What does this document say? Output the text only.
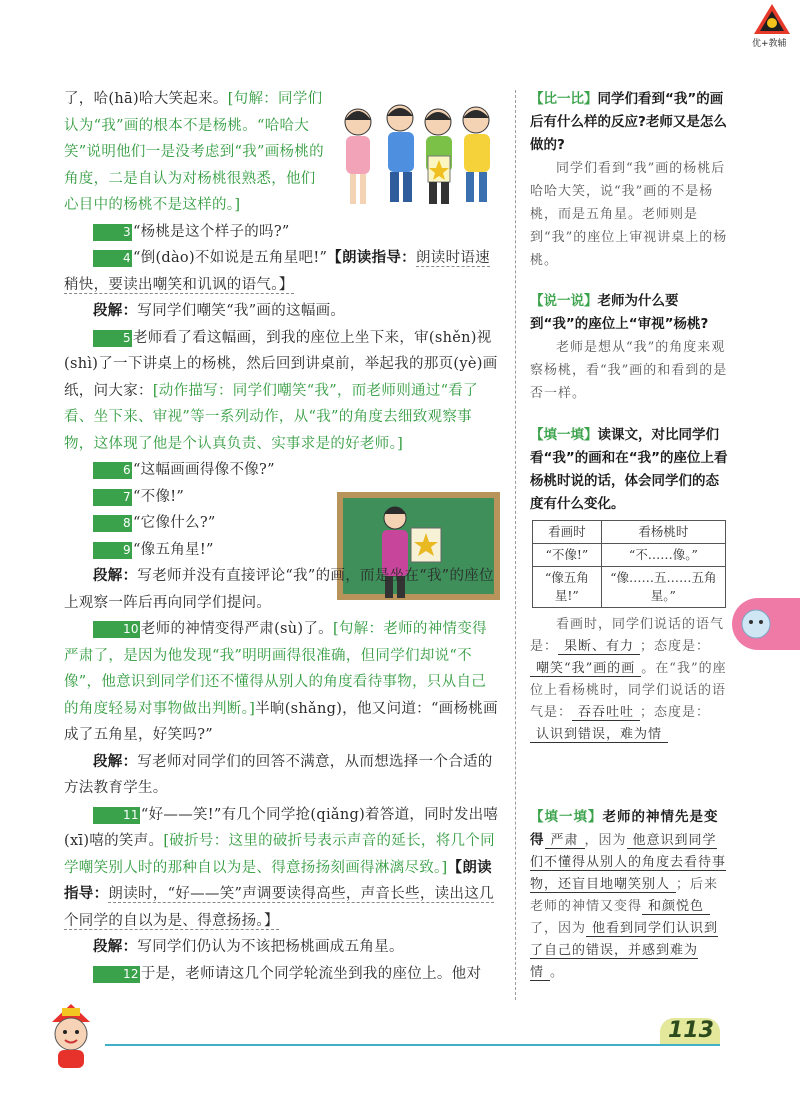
优+教辅

了，哈(hā)哈大笑起来。[句解：同学们认为“我”画的根本不是杨桃。“哈哈大笑”说明他们一是没考虑到“我”画杨桃的角度，二是自认为对杨桃很熟悉，他们心目中的杨桃不是这样的。]

3 “杨桃是这个样子的吗?”

4 “倒(dào)不如说是五角星吧!”【朗读指导：朗读时语速稍快，要读出嘲笑和讥讽的语气。】

段解：写同学们嘲笑“我”画的这幅画。

5 老师看了看这幅画，到我的座位上坐下来，审(shěn)视(shì)了一下讲桌上的杨桃，然后回到讲桌前，举起我的那页(yè)画纸，问大家：[动作描写：同学们嘲笑“我”，而老师则通过“看了看、坐下来、审视”等一系列动作，从“我”的角度去细致观察事物，这体现了他是个认真负责、实事求是的好老师。]

6 “这幅画画得像不像?”

7 “不像!”

8 “它像什么?”

9 “像五角星!”

段解：写老师并没有直接评论“我”的画，而是坐在“我”的座位上观察一阵后再向同学们提问。

10 老师的神情变得严肃(sù)了。[句解：老师的神情变得严肃了，是因为他发现“我”明明画得很准确，但同学们却说“不像”，他意识到同学们还不懂得从别人的角度看待事物，只从自己的角度轻易对事物做出判断。]半晌(shǎng)，他又问道：“画杨桃画成了五角星，好笑吗?”

段解：写老师对同学们的回答不满意，从而想选择一个合适的方法教育学生。

11 “好——笑!”有几个同学抢(qiǎng)着答道，同时发出嘻(xī)嘻的笑声。[破折号：这里的破折号表示声音的延长，将几个同学嘲笑别人时的那种自以为是、得意扬扬刻画得淋漓尽致。]【朗读指导：朗读时，“好——笑”声调要读得高些，声音长些，读出这几个同学的自以为是、得意扬扬。】

段解：写同学们仍认为不该把杨桃画成五角星。

12 于是，老师请这几个同学轮流坐到我的座位上。他对

【比一比】同学们看到“我”的画后有什么样的反应?老师又是怎么做的?
同学们看到“我”画的杨桃后哈哈大笑，说“我”画的不是杨桃，而是五角星。老师则是到“我”的座位上审视讲桌上的杨桃。
【说一说】老师为什么要到“我”的座位上“审视”杨桃?
老师是想从“我”的角度来观察杨桃，看“我”画的和看到的是否一样。
【填一填】读课文，对比同学们看“我”的画和在“我”的座位上看杨桃时说的话，体会同学们的态度有什么变化。
看画时	看杨桃时
“不像!”	“不……像。”
“像五角星!”	“像……五……五角星。”
看画时，同学们说话的语气是： 果断、有力 ；态度是：嘲笑“我”画的画 。在“我”的座位上看杨桃时，同学们说话的语气是： 吞吞吐吐 ；态度是：认识到错误，难为情
【填一填】老师的神情先是变得 严肃 ，因为 他意识到同学们不懂得从别人的角度去看待事物，还盲目地嘲笑别人 ；后来老师的神情又变得 和颜悦色了，因为 他看到同学们认识到了自己的错误，并感到难为情 。
113
